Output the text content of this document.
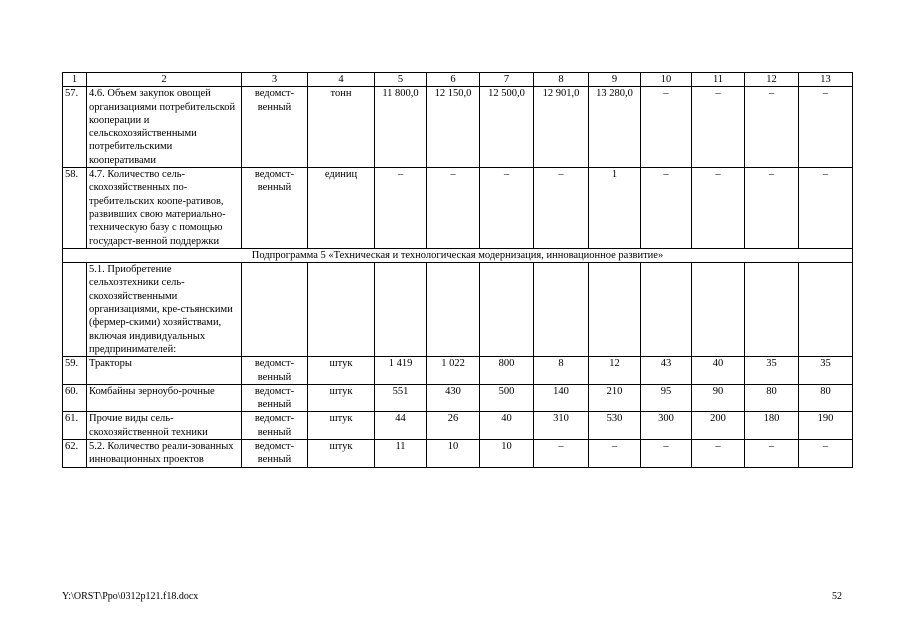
1	2	3	4	5	6	7	8	9	10	11	12	13
57.	4.6. Объем закупок овощей организациями потребительской кооперации и сельскохозяйственными потребительскими кооперативами	ведомст-венный	тонн	11 800,0	12 150,0	12 500,0	12 901,0	13 280,0	–	–	–	–
58.	4.7. Количество сель-скохозяйственных по-требительских коопе-ративов, развивших свою материально-техническую базу с помощью государст-венной поддержки	ведомст-венный	единиц	–	–	–	–	1	–	–	–	–
Подпрограмма 5 «Техническая и технологическая модернизация, инновационное развитие»												
	5.1. Приобретение сельхозтехники сель-скохозяйственными организациями, кре-стьянскими (фермер-скими) хозяйствами, включая индивидуальных предпринимателей:											
59.	Тракторы	ведомст-венный	штук	1 419	1 022	800	8	12	43	40	35	35
60.	Комбайны зерноубо-рочные	ведомст-венный	штук	551	430	500	140	210	95	90	80	80
61.	Прочие виды сель-скохозяйственной техники	ведомст-венный	штук	44	26	40	310	530	300	200	180	190
62.	5.2. Количество реали-зованных инновационных проектов	ведомст-венный	штук	11	10	10	–	–	–	–	–	–
Y:\ORST\Ppo\0312p121.f18.docx	52
